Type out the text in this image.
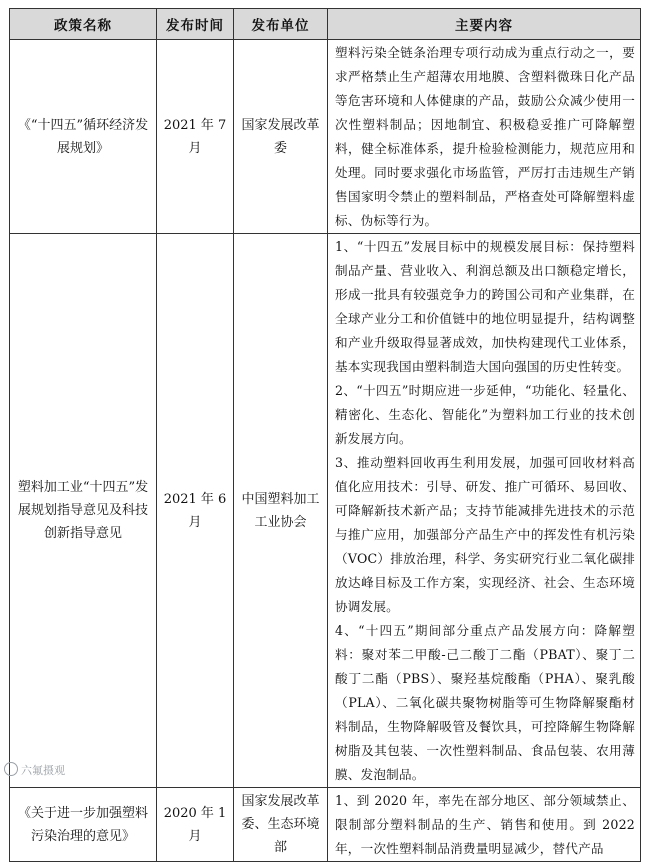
政策名称	发布时间	发布单位	主要内容
《“十四五”循环经济发展规划》	2021 年 7 月	国家发展改革委	塑料污染全链条治理专项行动成为重点行动之一，要求严格禁止生产超薄农用地膜、含塑料微珠日化产品等危害环境和人体健康的产品，鼓励公众减少使用一次性塑料制品；因地制宜、积极稳妥推广可降解塑料，健全标准体系，提升检验检测能力，规范应用和处理。同时要求强化市场监管，严厉打击违规生产销售国家明令禁止的塑料制品，严格查处可降解塑料虚标、伪标等行为。

塑料加工业“十四五”发展规划指导意见及科技创新指导意见	2021 年 6 月	中国塑料加工工业协会	1、“十四五”发展目标中的规模发展目标：保持塑料制品产量、营业收入、利润总额及出口额稳定增长，形成一批具有较强竞争力的跨国公司和产业集群，在全球产业分工和价值链中的地位明显提升，结构调整和产业升级取得显著成效，加快构建现代工业体系，基本实现我国由塑料制造大国向强国的历史性转变。

2、“十四五”时期应进一步延伸，“功能化、轻量化、精密化、生态化、智能化”为塑料加工行业的技术创新发展方向。

3、推动塑料回收再生利用发展，加强可回收材料高值化应用技术：引导、研发、推广可循环、易回收、可降解新技术新产品；支持节能减排先进技术的示范与推广应用，加强部分产品生产中的挥发性有机污染（VOC）排放治理，科学、务实研究行业二氧化碳排放达峰目标及工作方案，实现经济、社会、生态环境协调发展。

4、“十四五”期间部分重点产品发展方向：降解塑料：聚对苯二甲酸-己二酸丁二酯（PBAT）、聚丁二酸丁二酯（PBS）、聚羟基烷酸酯（PHA）、聚乳酸（PLA）、二氧化碳共聚物树脂等可生物降解聚酯材料制品，生物降解吸管及餐饮具，可控降解生物降解树脂及其包装、一次性塑料制品、食品包装、农用薄膜、发泡制品。

《关于进一步加强塑料污染治理的意见》	2020 年 1 月	国家发展改革委、生态环境部	1、到 2020 年，率先在部分地区、部分领域禁止、限制部分塑料制品的生产、销售和使用。到 2022 年，一次性塑料制品消费量明显减少，替代产品

六氟摄观
